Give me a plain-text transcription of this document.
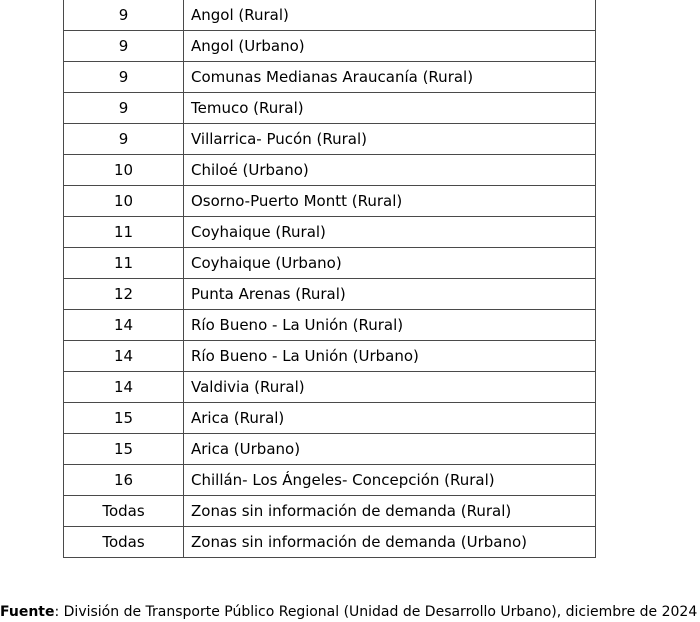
9	Angol (Rural)
9	Angol (Urbano)
9	Comunas Medianas Araucanía (Rural)
9	Temuco (Rural)
9	Villarrica- Pucón (Rural)
10	Chiloé (Urbano)
10	Osorno-Puerto Montt (Rural)
11	Coyhaique (Rural)
11	Coyhaique (Urbano)
12	Punta Arenas (Rural)
14	Río Bueno - La Unión (Rural)
14	Río Bueno - La Unión (Urbano)
14	Valdivia (Rural)
15	Arica (Rural)
15	Arica (Urbano)
16	Chillán- Los Ángeles- Concepción (Rural)
Todas	Zonas sin información de demanda (Rural)
Todas	Zonas sin información de demanda (Urbano)
Fuente: División de Transporte Público Regional (Unidad de Desarrollo Urbano), diciembre de 2024
